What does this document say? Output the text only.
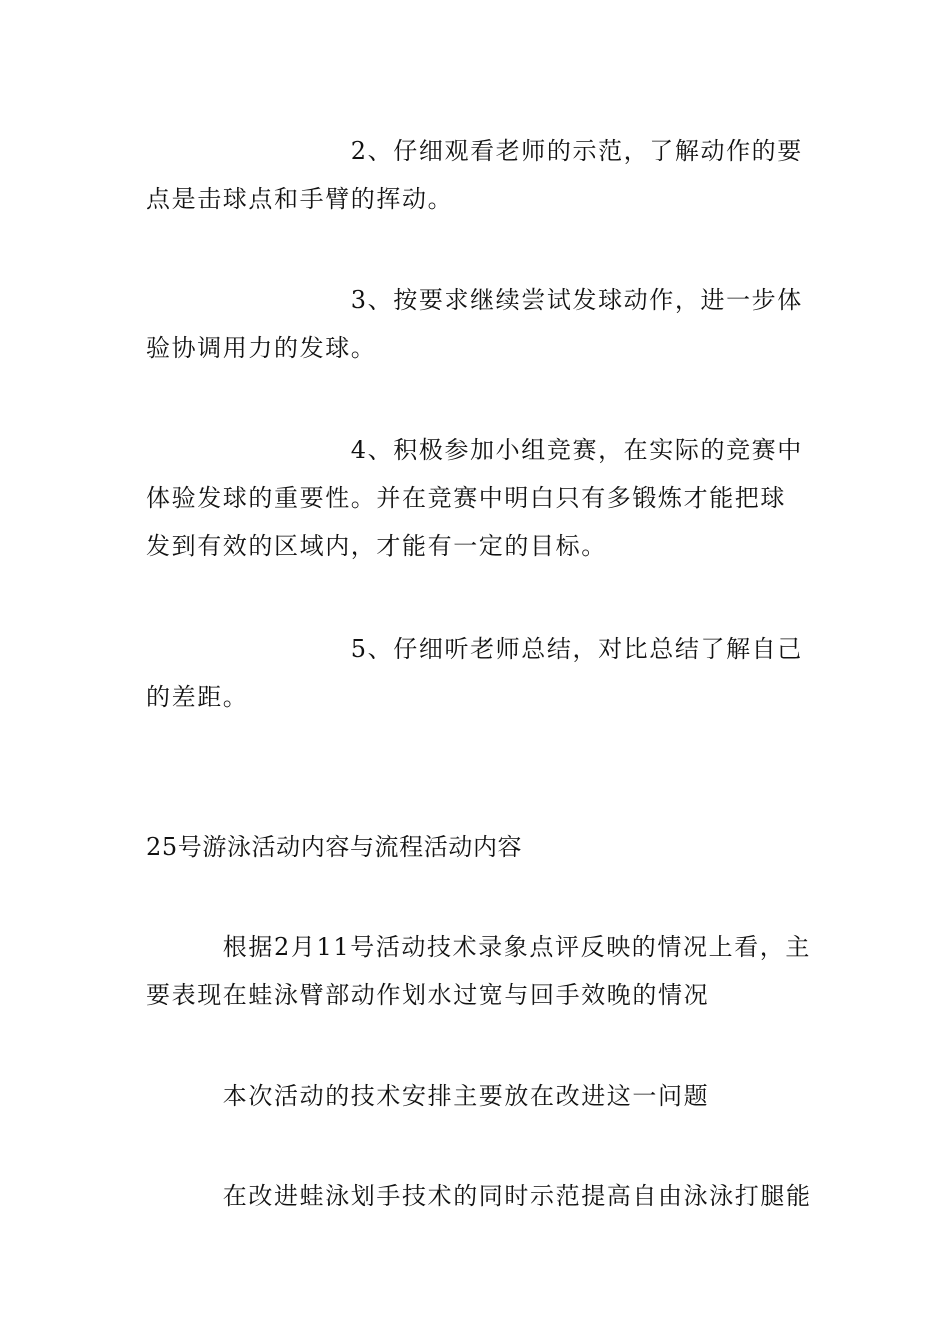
　　　　　　　　2、仔细观看老师的示范，了解动作的要
点是击球点和手臂的挥动。

　　　　　　　　3、按要求继续尝试发球动作，进一步体
验协调用力的发球。

　　　　　　　　4、积极参加小组竞赛，在实际的竞赛中
体验发球的重要性。并在竞赛中明白只有多锻炼才能把球
发到有效的区域内，才能有一定的目标。

　　　　　　　　5、仔细听老师总结，对比总结了解自己
的差距。

25号游泳活动内容与流程活动内容

　　　根据2月11号活动技术录象点评反映的情况上看，主
要表现在蛙泳臂部动作划水过宽与回手效晚的情况

　　　本次活动的技术安排主要放在改进这一问题

　　　在改进蛙泳划手技术的同时示范提高自由泳泳打腿能
